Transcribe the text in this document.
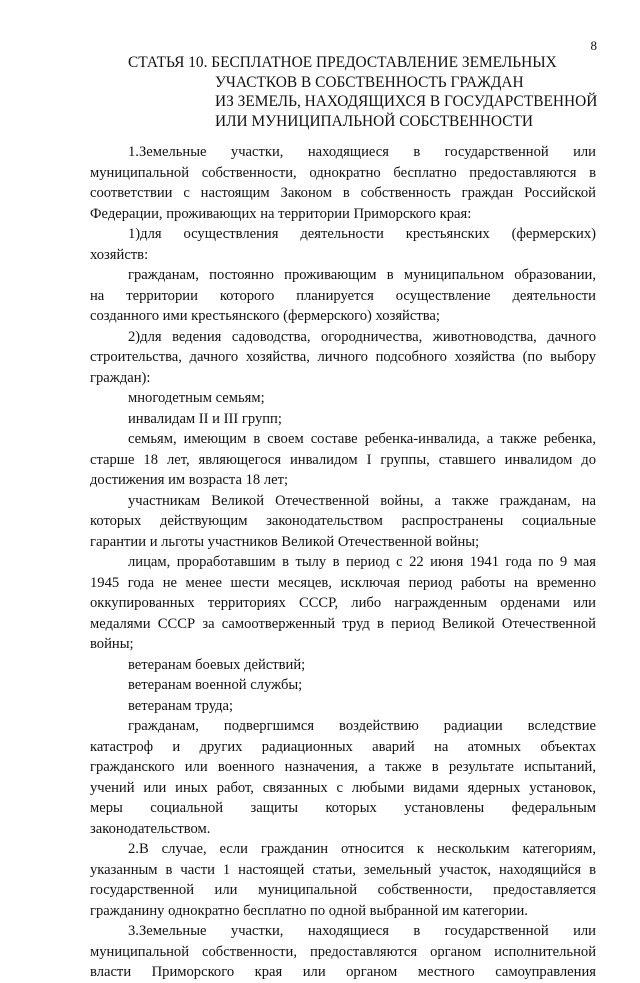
8
СТАТЬЯ 10. БЕСПЛАТНОЕ ПРЕДОСТАВЛЕНИЕ ЗЕМЕЛЬНЫХ
УЧАСТКОВ В СОБСТВЕННОСТЬ ГРАЖДАН
ИЗ ЗЕМЕЛЬ, НАХОДЯЩИХСЯ В ГОСУДАРСТВЕННОЙ
ИЛИ МУНИЦИПАЛЬНОЙ СОБСТВЕННОСТИ
1.Земельные участки, находящиеся в государственной или
муниципальной собственности, однократно бесплатно предоставляются в
соответствии с настоящим Законом в собственность граждан Российской
Федерации, проживающих на территории Приморского края:
1)для осуществления деятельности крестьянских (фермерских)
хозяйств:
гражданам, постоянно проживающим в муниципальном образовании,
на территории которого планируется осуществление деятельности
созданного ими крестьянского (фермерского) хозяйства;
2)для ведения садоводства, огородничества, животноводства, дачного
строительства, дачного хозяйства, личного подсобного хозяйства (по выбору
граждан):
многодетным семьям;
инвалидам II и III групп;
семьям, имеющим в своем составе ребенка-инвалида, а также ребенка,
старше 18 лет, являющегося инвалидом I группы, ставшего инвалидом до
достижения им возраста 18 лет;
участникам Великой Отечественной войны, а также гражданам, на
которых действующим законодательством распространены социальные
гарантии и льготы участников Великой Отечественной войны;
лицам, проработавшим в тылу в период с 22 июня 1941 года по 9 мая
1945 года не менее шести месяцев, исключая период работы на временно
оккупированных территориях СССР, либо награжденным орденами или
медалями СССР за самоотверженный труд в период Великой Отечественной
войны;
ветеранам боевых действий;
ветеранам военной службы;
ветеранам труда;
гражданам, подвергшимся воздействию радиации вследствие
катастроф и других радиационных аварий на атомных объектах
гражданского или военного назначения, а также в результате испытаний,
учений или иных работ, связанных с любыми видами ядерных установок,
меры социальной защиты которых установлены федеральным
законодательством.
2.В случае, если гражданин относится к нескольким категориям,
указанным в части 1 настоящей статьи, земельный участок, находящийся в
государственной или муниципальной собственности, предоставляется
гражданину однократно бесплатно по одной выбранной им категории.
3.Земельные участки, находящиеся в государственной или
муниципальной собственности, предоставляются органом исполнительной
власти Приморского края или органом местного самоуправления
